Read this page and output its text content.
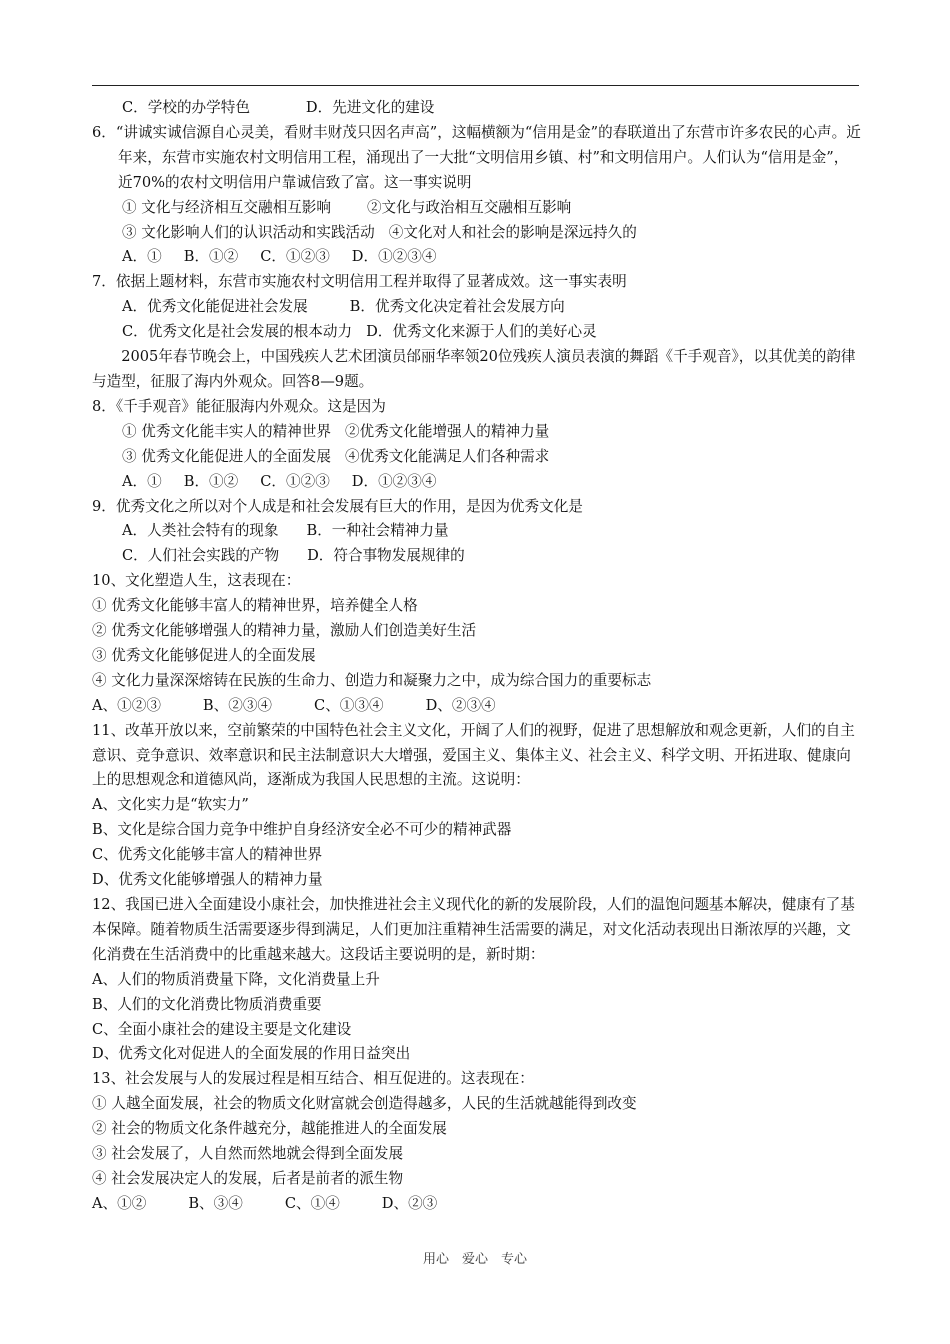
C．学校的办学特色	D．先进文化的建设
6．“讲诚实诚信源自心灵美，看财丰财茂只因名声高”，这幅横额为“信用是金”的春联道出了东营市许多农民的心声。近年来，东营市实施农村文明信用工程，涌现出了一大批“文明信用乡镇、村”和文明信用户。人们认为“信用是金”，近70%的农村文明信用户靠诚信致了富。这一事实说明
① 文化与经济相互交融相互影响 ②文化与政治相互交融相互影响
③ 文化影响人们的认识活动和实践活动 ④文化对人和社会的影响是深远持久的
A．① B．①② C．①②③ D．①②③④
7．依据上题材料，东营市实施农村文明信用工程并取得了显著成效。这一事实表明
A．优秀文化能促进社会发展	B．优秀文化决定着社会发展方向
C．优秀文化是社会发展的根本动力 D．优秀文化来源于人们的美好心灵
　　2005年春节晚会上，中国残疾人艺术团演员邰丽华率领20位残疾人演员表演的舞蹈《千手观音》，以其优美的韵律与造型，征服了海内外观众。回答8—9题。
8．《千手观音》能征服海内外观众。这是因为
① 优秀文化能丰实人的精神世界 ②优秀文化能增强人的精神力量
③ 优秀文化能促进人的全面发展 ④优秀文化能满足人们各种需求
A．① B．①② C．①②③ D．①②③④
9．优秀文化之所以对个人成是和社会发展有巨大的作用，是因为优秀文化是
A．人类社会特有的现象 B．一种社会精神力量
C．人们社会实践的产物 D．符合事物发展规律的
10、文化塑造人生，这表现在：
① 优秀文化能够丰富人的精神世界，培养健全人格
② 优秀文化能够增强人的精神力量，激励人们创造美好生活
③ 优秀文化能够促进人的全面发展
④ 文化力量深深熔铸在民族的生命力、创造力和凝聚力之中，成为综合国力的重要标志
A、①②③	B、②③④	C、①③④	D、②③④
11、改革开放以来，空前繁荣的中国特色社会主义文化，开阔了人们的视野，促进了思想解放和观念更新，人们的自主意识、竞争意识、效率意识和民主法制意识大大增强，爱国主义、集体主义、社会主义、科学文明、开拓进取、健康向上的思想观念和道德风尚，逐渐成为我国人民思想的主流。这说明：
A、文化实力是“软实力”
B、文化是综合国力竞争中维护自身经济安全必不可少的精神武器
C、优秀文化能够丰富人的精神世界
D、优秀文化能够增强人的精神力量
12、我国已进入全面建设小康社会，加快推进社会主义现代化的新的发展阶段，人们的温饱问题基本解决，健康有了基本保障。随着物质生活需要逐步得到满足，人们更加注重精神生活需要的满足，对文化活动表现出日渐浓厚的兴趣，文化消费在生活消费中的比重越来越大。这段话主要说明的是，新时期：
A、人们的物质消费量下降，文化消费量上升
B、人们的文化消费比物质消费重要
C、全面小康社会的建设主要是文化建设
D、优秀文化对促进人的全面发展的作用日益突出
13、社会发展与人的发展过程是相互结合、相互促进的。这表现在：
① 人越全面发展，社会的物质文化财富就会创造得越多，人民的生活就越能得到改变
② 社会的物质文化条件越充分，越能推进人的全面发展
③ 社会发展了，人自然而然地就会得到全面发展
④ 社会发展决定人的发展，后者是前者的派生物
A、①②	B、③④	C、①④	D、②③
用心　爱心　专心
